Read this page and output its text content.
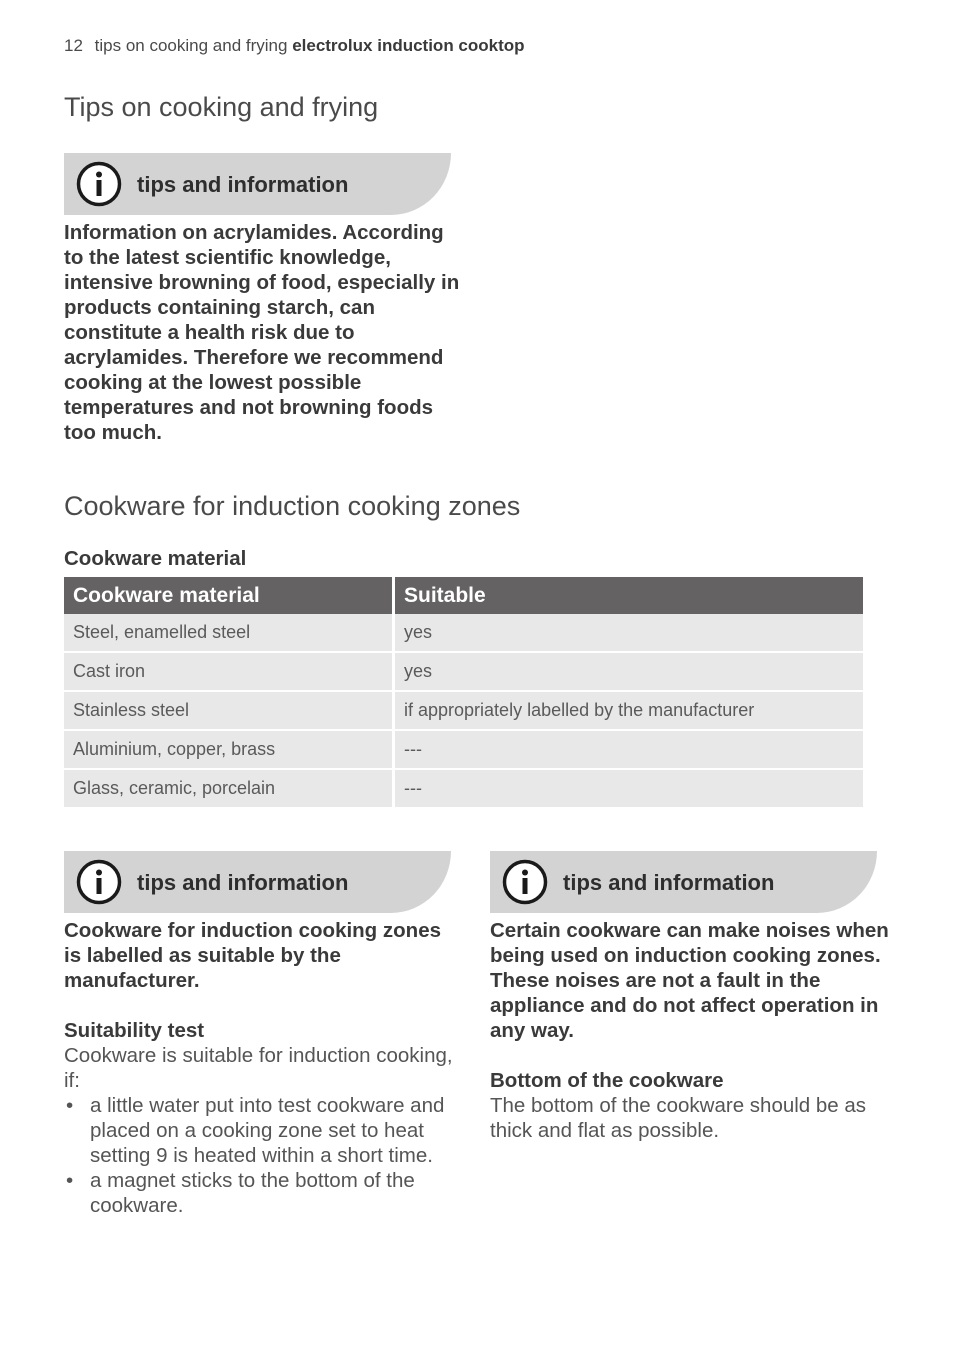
12 tips on cooking and frying electrolux induction cooktop
Tips on cooking and frying
tips and information
Information on acrylamides. According to the latest scientific knowledge, intensive browning of food, especially in products containing starch, can constitute a health risk due to acrylamides. Therefore we recommend cooking at the lowest possible temperatures and not browning foods too much.
Cookware for induction cooking zones
Cookware material
Cookware material	Suitable
Steel, enamelled steel	yes
Cast iron	yes
Stainless steel	if appropriately labelled by the manufacturer
Aluminium, copper, brass	---
Glass, ceramic, porcelain	---
tips and information	tips and information
Cookware for induction cooking zones is labelled as suitable by the manufacturer.
Suitability test
Cookware is suitable for induction cooking, if:
• a little water put into test cookware and placed on a cooking zone set to heat setting 9 is heated within a short time.
• a magnet sticks to the bottom of the cookware.
Certain cookware can make noises when being used on induction cooking zones. These noises are not a fault in the appliance and do not affect operation in any way.
Bottom of the cookware
The bottom of the cookware should be as thick and flat as possible.
